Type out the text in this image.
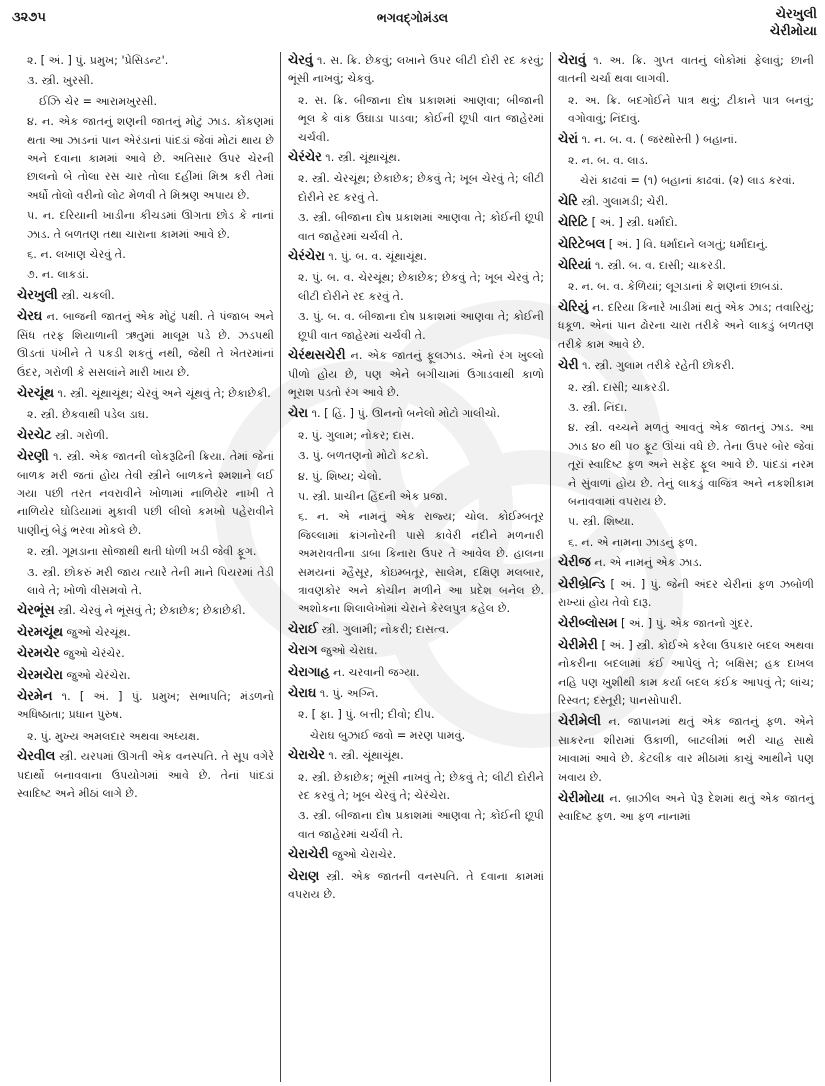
૩૨૭૫	ભગવદ્ગોમંડલ	ચેરખુલી
ચેરીમોયા
૨. [ અં. ] પું. પ્રમુખ; 'પ્રેસિડન્ટ'.
૩. સ્ત્રી. ખુરસી.
ઈઝિ ચેર = આરામખુરસી.
૪. ન. એક જાતનું શણની જાતનું મોટું ઝાડ. કોંકણમાં થતા આ ઝાડનાં પાન એરંડાનાં પાંદડાં જેવાં મોટાં થાય છે અને દવાના કામમાં આવે છે. અતિસાર ઉપર ચેરની છાલનો બે તોલા રસ ચાર તોલા દહીંમાં મિશ્ર કરી તેમાં અર્ધો તોલો વરીનો લોટ મેળવી તે મિશ્રણ અપાય છે.
૫. ન. દરિયાની ખાડીના કીચડમાં ઊગતા છોડ કે નાનાં ઝાડ. તે બળતણ તથા ચારાના કામમાં આવે છે.
૬. ન. લખાણ ચેરવું તે.
૭. ન. લાકડાં.
ચેરખુલી સ્ત્રી. ચકલી.
ચેરઘ ન. બાજની જાતનું એક મોટું પક્ષી. તે પંજાબ અને સિંધ તરફ શિયાળાની ઋતુમાં માલૂમ પડે છે. ઝડપથી ઊડતાં પંખીને તે પકડી શકતું નથી, જેથી તે ખેતરમાંનાં ઉંદર, ગરોળી કે સસલાંને મારી ખાય છે.
ચેરચૂંથ ૧. સ્ત્રી. ચૂંથાચૂંથ; ચેરવું અને ચૂંથવું તે; છેકાછેકી.
૨. સ્ત્રી. છેકવાથી પડેલ ડાઘ.
ચેરચેટ સ્ત્રી. ગરોળી.
ચેરણી ૧. સ્ત્રી. એક જાતની લોકરૂઢિની ક્રિયા. તેમાં જેનાં બાળક મરી જતાં હોય તેવી સ્ત્રીને બાળકને શ્મશાને લઈ ગયા પછી તરત નવરાવીને ખોળામાં નાળિયેર નાખી તે નાળિયેર ઘોડિયામાં મુકાવી પછી લીલો કમખો પહેરાવીને પાણીનું બેડું ભરવા મોકલે છે.
૨. સ્ત્રી. ગૂમડાના સોજાથી થતી ધોળી ખડી જેવી ફૂગ.
૩. સ્ત્રી. છોકરું મરી જાય ત્યારે તેની માને પિયરમાં તેડી લાવે તે; ખોળો વીસમવો તે.
ચેરભૂંસ સ્ત્રી. ચેરવું ને ભૂંસવું તે; છેકાછેક; છેકાછેકી.
ચેરમચૂંથ જુઓ ચેરચૂંથ.
ચેરમચેર જુઓ ચેરંચેર.
ચેરમચેરા જુઓ ચેરંચેરા.
ચેરમેન ૧. [ અં. ] પું. પ્રમુખ; સભાપતિ; મંડળનો અધિષ્ઠાતા; પ્રધાન પુરુષ.
૨. પું. મુખ્ય અમલદાર અથવા અધ્યક્ષ.
ચેરવીલ સ્ત્રી. યરપમાં ઊગતી એક વનસ્પતિ. તે સૂપ વગેરે પદાર્થો બનાવવાના ઉપયોગમાં આવે છે. તેનાં પાંદડાં સ્વાદિષ્ટ અને મીઠાં લાગે છે.
ચેરવું ૧. સ. ક્રિ. છેકવું; લખાને ઉપર લીટી દોરી રદ કરવું; ભૂંસી નાખવું; ચેકવું.
૨. સ. ક્રિ. બીજાના દોષ પ્રકાશમાં આણવા; બીજાની ભૂલ કે વાંક ઉઘાડા પાડવા; કોઈની છૂપી વાત જાહેરમાં ચર્ચવી.
ચેરંચેર ૧. સ્ત્રી. ચૂંથાચૂંથ.
૨. સ્ત્રી. ચેરચૂંથ; છેકાછેક; છેકવું તે; ખૂબ ચેરવું તે; લીટી દોરીને રદ કરવું તે.
૩. સ્ત્રી. બીજાના દોષ પ્રકાશમાં આણવા તે; કોઈની છૂપી વાત જાહેરમાં ચર્ચવી તે.
ચેરંચેરા ૧. પું. બ. વ. ચૂંથાચૂંથ.
૨. પું. બ. વ. ચેરચૂંથ; છેકાછેક; છેકવું તે; ખૂબ ચેરવું તે; લીટી દોરીને રદ કરવું તે.
૩. પું. બ. વ. બીજાના દોષ પ્રકાશમાં આણવા તે; કોઈની છૂપી વાત જાહેરમાં ચર્ચવી તે.
ચેરંથસચેરી ન. એક જાતનું ફૂલઝાડ. એનો રંગ ખુલ્લો પીળો હોય છે, પણ એને બગીચામાં ઉગાડવાથી કાળો ભૂરાશ પડતો રંગ આવે છે.
ચેરા ૧. [ હિં. ] પું. ઊનનો બનેલો મોટો ગાલીચો.
૨. પું. ગુલામ; નોકર; દાસ.
૩. પું. બળતણનો મોટો કટકો.
૪. પું. શિષ્ય; ચેલો.
૫. સ્ત્રી. પ્રાચીન હિંદની એક પ્રજા.
૬. ન. એ નામનું એક રાજ્ય; ચોલ. કોઈમ્બતૂર જિલ્લામાં ક્રાંગનોરની પાસે કાવેરી નદીને મળનારી અમરાવતીના ડાબા કિનારા ઉપર તે આવેલ છે. હાલના સમયનાં મ્હૈસૂર, કોઇમ્બતૂર, સાલેમ, દક્ષિણ મલબાર, ત્રાવણકોર અને કોચીન મળીને આ પ્રદેશ બનેલ છે. અશોકના શિલાલેખોમાં ચેરાને કેરલપુત્ર કહેલ છે.
ચેરાઈ સ્ત્રી. ગુલામી; નોકરી; દાસત્વ.
ચેરાગ જુઓ ચેરાઘ.
ચેરાગાહ ન. ચરવાની જગ્યા.
ચેરાઘ ૧. પું. અગ્નિ.
૨. [ ફા. ] પું. બત્તી; દીવો; દીપ.
ચેરાઘ બુઝાઈ જવો = મરણ પામવું.
ચેરાચેર ૧. સ્ત્રી. ચૂંથાચૂંથ.
૨. સ્ત્રી. છેકાછેક; ભૂંસી નાખવું તે; છેકવું તે; લીટી દોરીને રદ કરવું તે; ખૂબ ચેરવું તે; ચેરંચેરા.
૩. સ્ત્રી. બીજાના દોષ પ્રકાશમાં આણવા તે; કોઈની છૂપી વાત જાહેરમાં ચર્ચવી તે.
ચેરાચેરી જુઓ ચેરાચેર.
ચેરાણ સ્ત્રી. એક જાતની વનસ્પતિ. તે દવાના કામમાં વપરાય છે.
ચેરાવું ૧. અ. ક્રિ. ગુપ્ત વાતનું લોકોમાં ફેલાવું; છાની વાતની ચર્ચા થવા લાગવી.
૨. અ. ક્રિ. બદગોઈને પાત્ર થવું; ટીકાને પાત્ર બનવું; વગોવાવું; નિંદાવું.
ચેરાં ૧. ન. બ. વ. ( જરથોસ્તી ) બહાનાં.
૨. ન. બ. વ. લાડ.
ચેરાં કાઢવાં = (૧) બહાનાં કાઢવાં. (૨) લાડ કરવાં.
ચેરિ સ્ત્રી. ગુલામડી; ચેરી.
ચેરિટિ [ અં. ] સ્ત્રી. ધર્માદો.
ચેરિટેબલ [ અં. ] વિ. ધર્માદાને લગતું; ધર્માદાનું.
ચેરિયાં ૧. સ્ત્રી. બ. વ. દાસી; ચાકરડી.
૨. ન. બ. વ. કેળિયાં; લૂગડાનાં કે શણનાં છાબડાં.
ચેરિયું ન. દરિયા કિનારે ખાડીમાં થતું એક ઝાડ; તવારિયું; ધકૂળ. એનાં પાન ઢોરના ચારા તરીકે અને લાકડું બળતણ તરીકે કામ આવે છે.
ચેરી ૧. સ્ત્રી. ગુલામ તરીકે રહેતી છોકરી.
૨. સ્ત્રી. દાસી; ચાકરડી.
૩. સ્ત્રી. નિંદા.
૪. સ્ત્રી. વચ્ચને મળતું આવતું એક જાતનું ઝાડ. આ ઝાડ ૪૦ થી ૫૦ ફૂટ ઊંચાં વધે છે. તેના ઉપર બોર જેવાં તૂરાં સ્વાદિષ્ટ ફળ અને સફેદ ફૂલ આવે છે. પાંદડાં નરમ ને સુંવાળાં હોય છે. તેનું લાકડું વાજિંત્ર અને નકશીકામ બનાવવામાં વપરાય છે.
૫. સ્ત્રી. શિષ્યા.
૬. ન. એ નામના ઝાડનું ફળ.
ચેરીજ ન. એ નામનું એક ઝાડ.
ચેરીબ્રેન્ડિ [ અં. ] પું. જેની અંદર ચેરીનાં ફળ ઝબોળી રાખ્યાં હોય તેવો દારૂ.
ચેરીબ્લોસમ [ અં. ] પું. એક જાતનો ગુંદર.
ચેરીમેરી [ અં. ] સ્ત્રી. કોઈએ કરેલા ઉપકાર બદલ અથવા નોકરીના બદલામાં કંઈ આપેલું તે; બક્ષિસ; હક દાખલ નહિ પણ ખુશીથી કામ કર્યા બદલ કંઈક આપવું તે; લાંચ; રિસ્વત; દસ્તૂરી; પાનસોપારી.
ચેરીમેલી ન. જાપાનમાં થતું એક જાતનું ફળ. એને સાકરના શીરામાં ઉકાળી, બાટલીમાં ભરી ચાહ સાથે ખાવામાં આવે છે. કેટલીક વાર મીઠામાં કાચું આથીને પણ ખવાય છે.
ચેરીમોયા ન. બ્રાઝીલ અને પેરૂ દેશમાં થતું એક જાતનું સ્વાદિષ્ટ ફળ. આ ફળ નાનામાં
